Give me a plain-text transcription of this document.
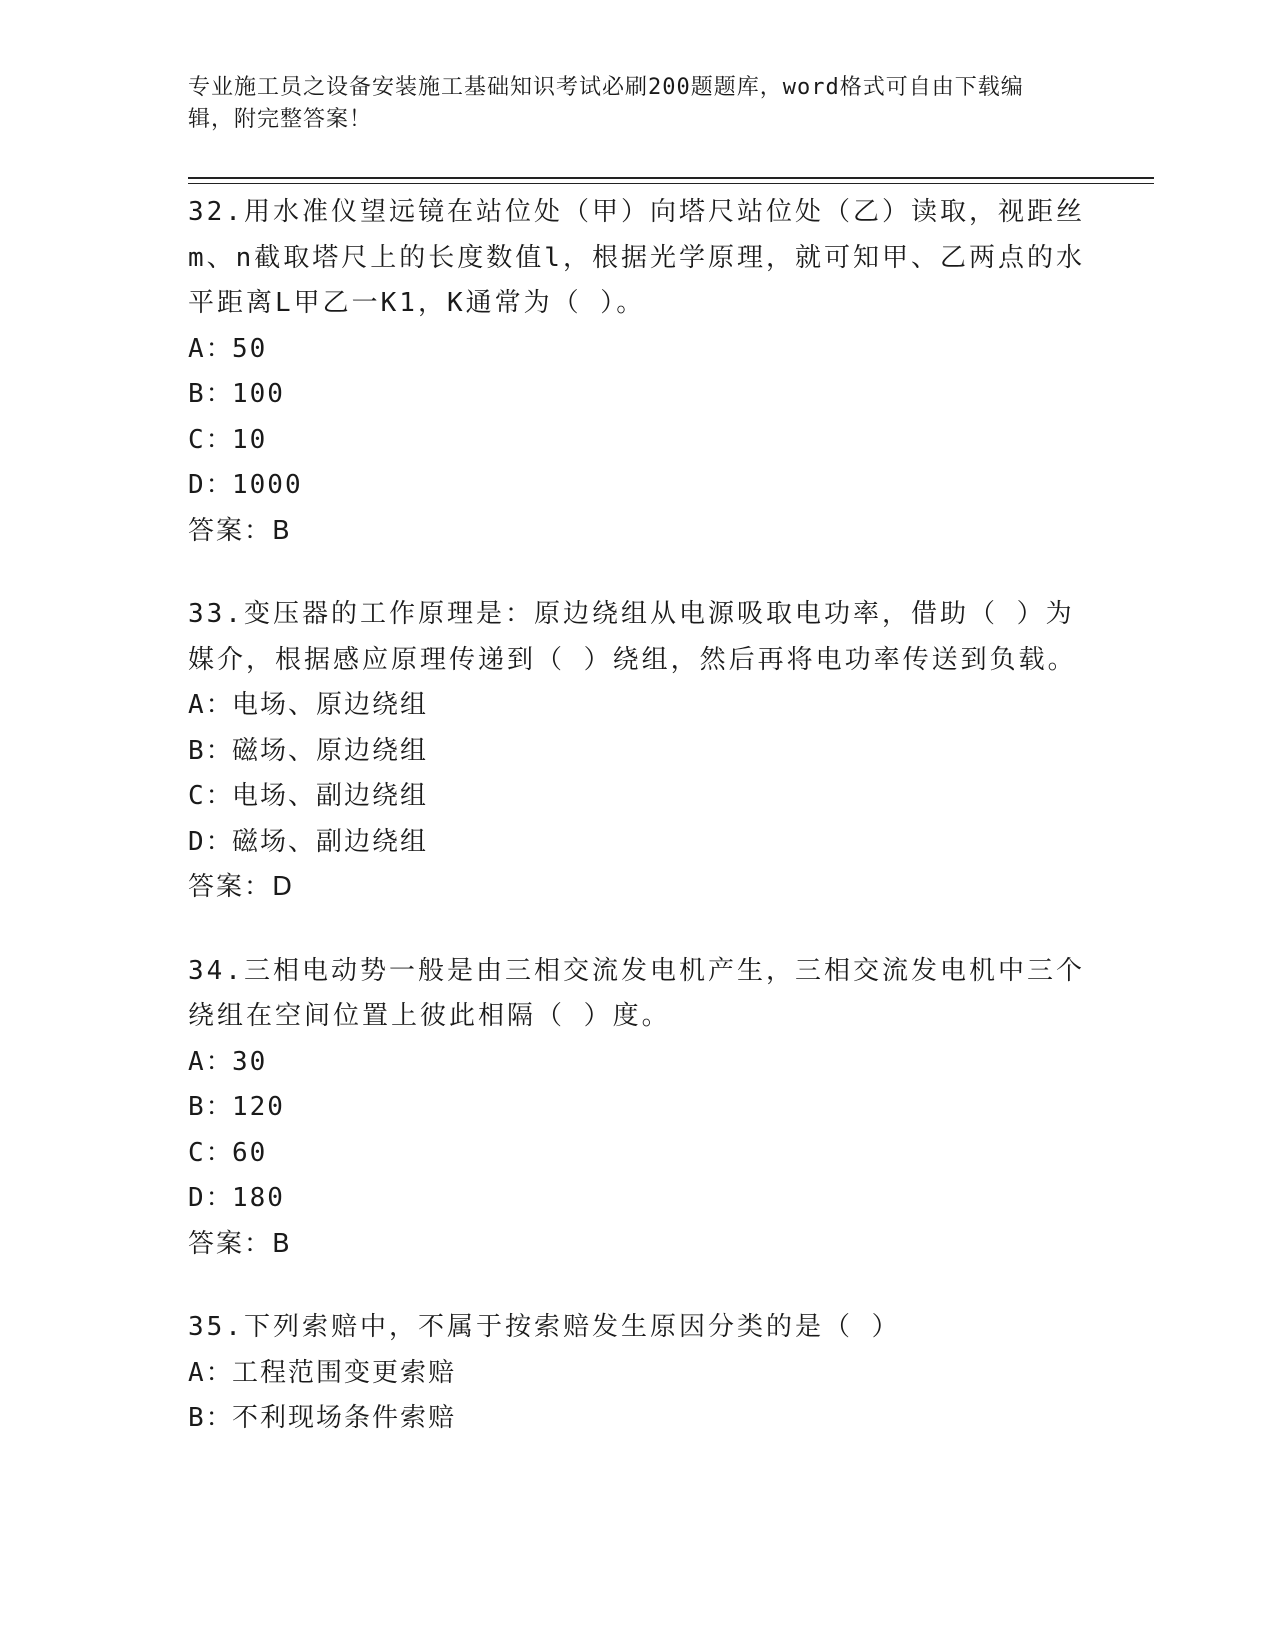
专业施工员之设备安装施工基础知识考试必刷200题题库，word格式可自由下载编辑，附完整答案！

32.用水准仪望远镜在站位处（甲）向塔尺站位处（乙）读取，视距丝m、n截取塔尺上的长度数值l，根据光学原理，就可知甲、乙两点的水平距离L甲乙一K1，K通常为（ ）。

A：50
B：100
C：10
D：1000
答案：B

33.变压器的工作原理是：原边绕组从电源吸取电功率，借助（ ）为媒介，根据感应原理传递到（ ）绕组，然后再将电功率传送到负载。

A：电场、原边绕组
B：磁场、原边绕组
C：电场、副边绕组
D：磁场、副边绕组
答案：D

34.三相电动势一般是由三相交流发电机产生，三相交流发电机中三个绕组在空间位置上彼此相隔（ ）度。

A：30
B：120
C：60
D：180
答案：B

35.下列索赔中，不属于按索赔发生原因分类的是（ ）

A：工程范围变更索赔
B：不利现场条件索赔
